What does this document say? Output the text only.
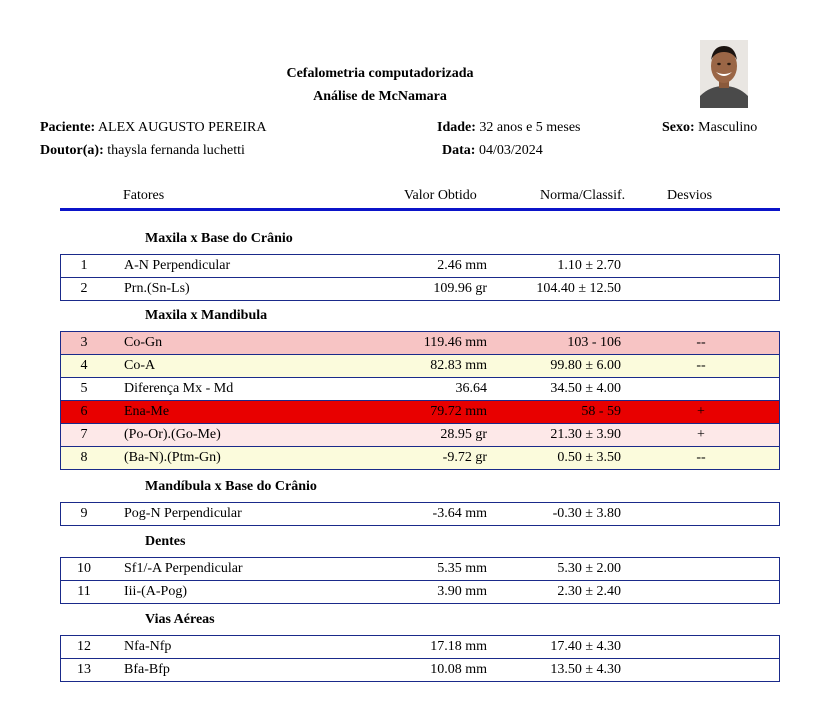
Cefalometria computadorizada
Análise de McNamara
Paciente: ALEX AUGUSTO PEREIRA	Idade: 32 anos e 5 meses	Sexo: Masculino
Doutor(a): thaysla fernanda luchetti	Data: 04/03/2024
Fatores	Valor Obtido	Norma/Classif.	Desvios
Maxila x Base do Crânio
1	A-N Perpendicular	2.46 mm	1.10 ± 2.70
2	Prn.(Sn-Ls)	109.96 gr	104.40 ± 12.50
Maxila x Mandibula
3	Co-Gn	119.46 mm	103 - 106	--
4	Co-A	82.83 mm	99.80 ± 6.00	--
5	Diferença Mx - Md	36.64	34.50 ± 4.00
6	Ena-Me	79.72 mm	58 - 59	+
7	(Po-Or).(Go-Me)	28.95 gr	21.30 ± 3.90	+
8	(Ba-N).(Ptm-Gn)	-9.72 gr	0.50 ± 3.50	--
Mandíbula x Base do Crânio
9	Pog-N Perpendicular	-3.64 mm	-0.30 ± 3.80
Dentes
10	Sf1/-A Perpendicular	5.35 mm	5.30 ± 2.00
11	Iii-(A-Pog)	3.90 mm	2.30 ± 2.40
Vias Aéreas
12	Nfa-Nfp	17.18 mm	17.40 ± 4.30
13	Bfa-Bfp	10.08 mm	13.50 ± 4.30
